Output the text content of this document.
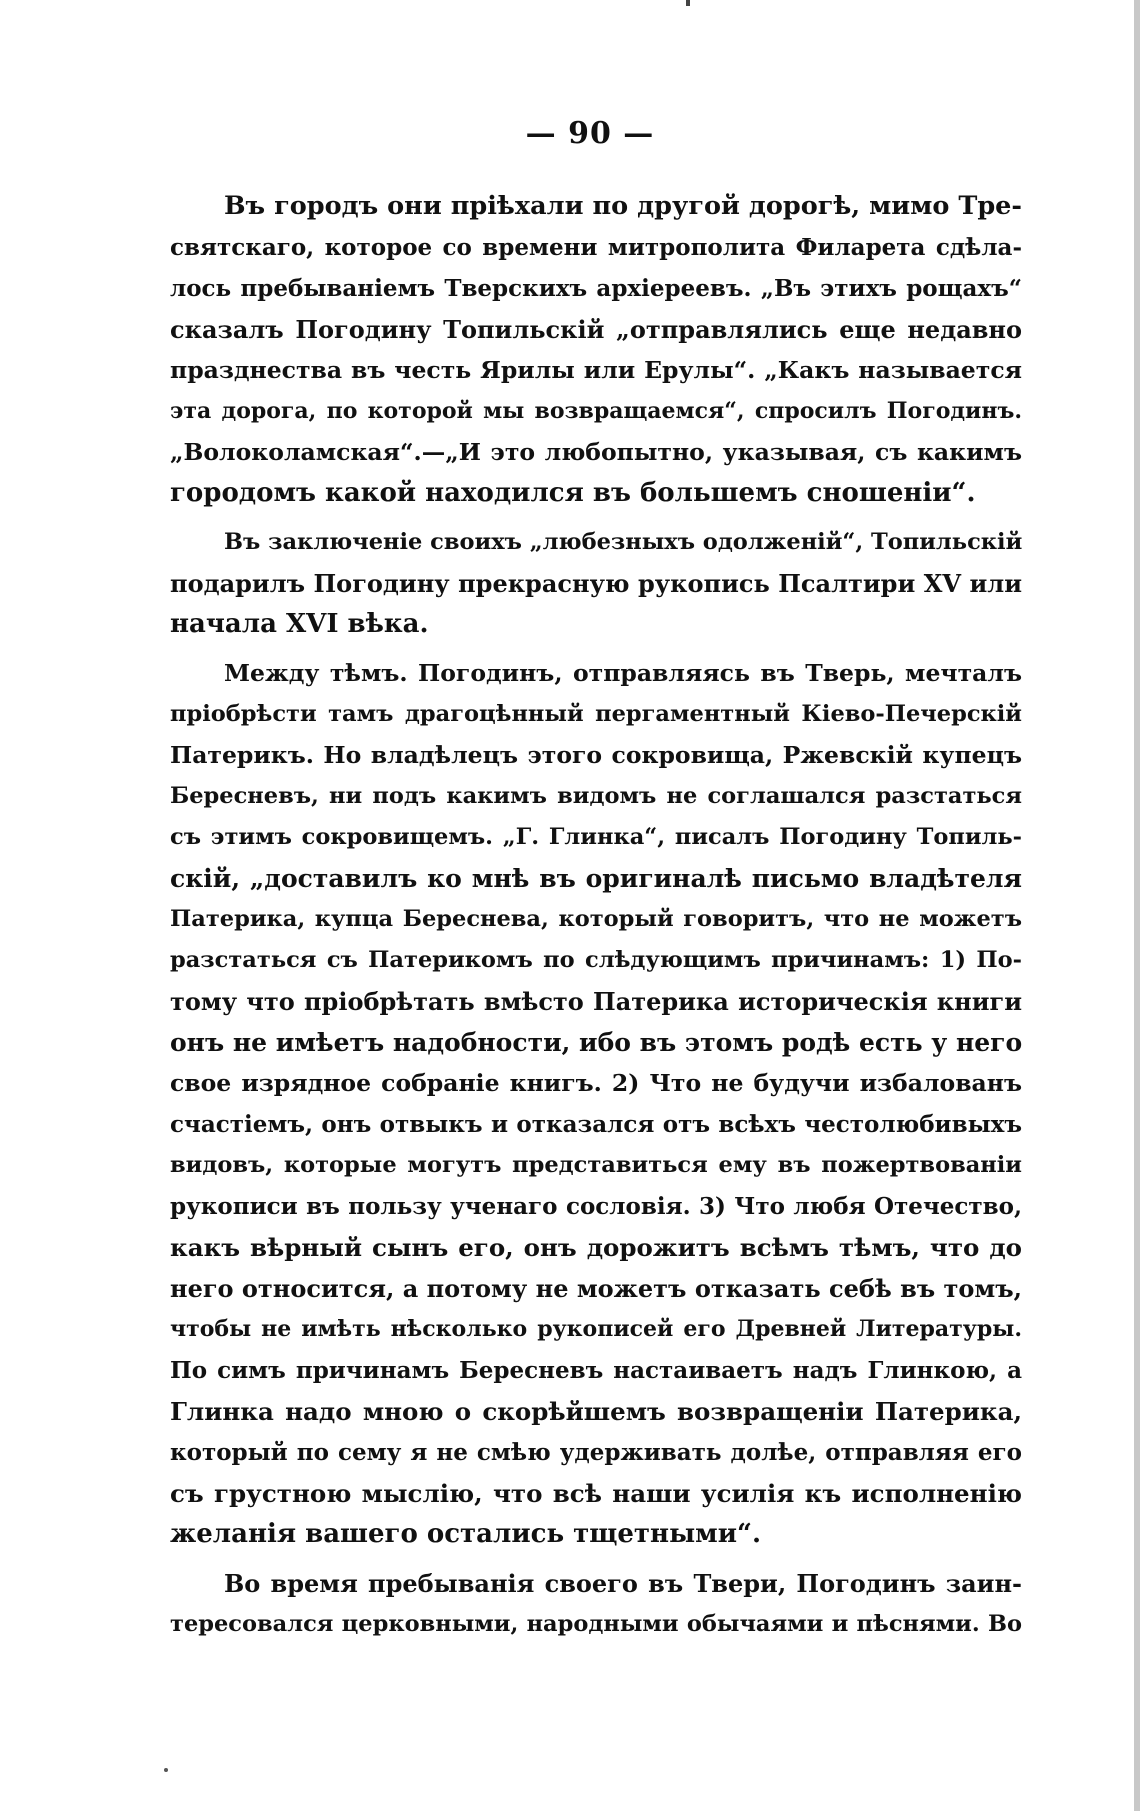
— 90 —
Въ городъ они пріѣхали по другой дорогѣ, мимо Тре-
святскаго, которое со времени митрополита Филарета сдѣла-
лось пребываніемъ Тверскихъ архіереевъ. „Въ этихъ рощахъ“
сказалъ Погодину Топильскій „отправлялись еще недавно
празднества въ честь Ярилы или Ерулы“. „Какъ называется
эта дорога, по которой мы возвращаемся“, спросилъ Погодинъ.
„Волоколамская“.—„И это любопытно, указывая, съ какимъ
городомъ какой находился въ большемъ сношеніи“.
Въ заключеніе своихъ „любезныхъ одолженій“, Топильскій
подарилъ Погодину прекрасную рукопись Псалтири XV или
начала XVI вѣка.
Между тѣмъ. Погодинъ, отправляясь въ Тверь, мечталъ
пріобрѣсти тамъ драгоцѣнный пергаментный Кіево-Печерскій
Патерикъ. Но владѣлецъ этого сокровища, Ржевскій купецъ
Бересневъ, ни подъ какимъ видомъ не соглашался разстаться
съ этимъ сокровищемъ. „Г. Глинка“, писалъ Погодину Топиль-
скій, „доставилъ ко мнѣ въ оригиналѣ письмо владѣтеля
Патерика, купца Береснева, который говоритъ, что не можетъ
разстаться съ Патерикомъ по слѣдующимъ причинамъ: 1) По-
тому что пріобрѣтать вмѣсто Патерика историческія книги
онъ не имѣетъ надобности, ибо въ этомъ родѣ есть у него
свое изрядное собраніе книгъ. 2) Что не будучи избалованъ
счастіемъ, онъ отвыкъ и отказался отъ всѣхъ честолюбивыхъ
видовъ, которые могутъ представиться ему въ пожертвованіи
рукописи въ пользу ученаго сословія. 3) Что любя Отечество,
какъ вѣрный сынъ его, онъ дорожитъ всѣмъ тѣмъ, что до
него относится, а потому не можетъ отказать себѣ въ томъ,
чтобы не имѣть нѣсколько рукописей его Древней Литературы.
По симъ причинамъ Бересневъ настаиваетъ надъ Глинкою, а
Глинка надо мною о скорѣйшемъ возвращеніи Патерика,
который по сему я не смѣю удерживать долѣе, отправляя его
съ грустною мыслію, что всѣ наши усилія къ исполненію
желанія вашего остались тщетными“.
Во время пребыванія своего въ Твери, Погодинъ заин-
тересовался церковными, народными обычаями и пѣснями. Во
